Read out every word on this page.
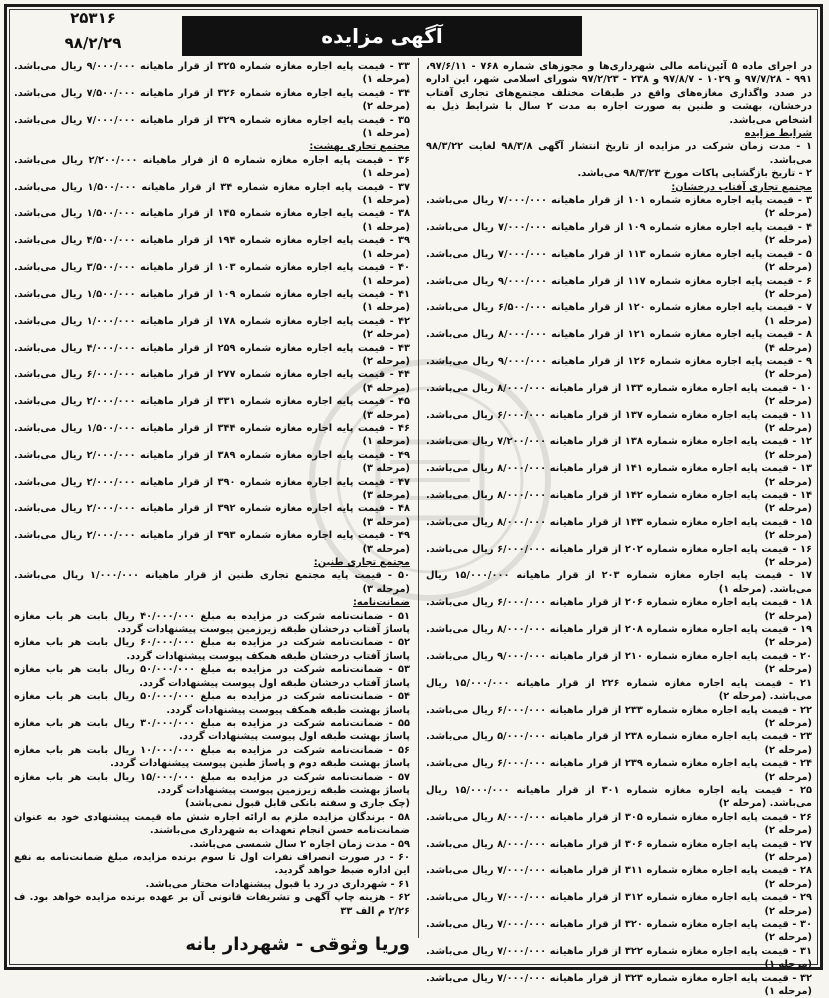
۲۵۳۱۶
۹۸/۲/۲۹	آگهی مزایده

در اجرای ماده ۵ آئین‌نامه مالی شهرداری‌ها و مجوزهای شماره ۷۶۸ - ۹۷/۶/۱۱، ۹۹۱ - ۹۷/۷/۲۸ و ۱۰۲۹ - ۹۷/۸/۷ و ۲۳۸ - ۹۷/۲/۲۳ شورای اسلامی شهر، این اداره در صدد واگذاری مغازه‌های واقع در طبقات مختلف مجتمع‌های تجاری آفتاب درخشان، بهشت و طنین به صورت اجاره به مدت ۲ سال با شرایط ذیل به اشخاص می‌باشد.

شرایط مزایده

۱ - مدت زمان شرکت در مزایده از تاریخ انتشار آگهی ۹۸/۳/۸ لغایت ۹۸/۳/۲۲ می‌باشد.

۲ - تاریخ بازگشایی پاکات مورخ ۹۸/۳/۲۳ می‌باشد.

مجتمع تجاری آفتاب درخشان:

۳ - قیمت پایه اجاره مغازه شماره ۱۰۱ از قرار ماهیانه ۷/۰۰۰/۰۰۰ ریال می‌باشد. (مرحله ۲)

۴ - قیمت پایه اجاره مغازه شماره ۱۰۹ از قرار ماهیانه ۷/۰۰۰/۰۰۰ ریال می‌باشد. (مرحله ۲)

۵ - قیمت پایه اجاره مغازه شماره ۱۱۳ از قرار ماهیانه ۷/۰۰۰/۰۰۰ ریال می‌باشد. (مرحله ۲)

۶ - قیمت پایه اجاره مغازه شماره ۱۱۷ از قرار ماهیانه ۹/۰۰۰/۰۰۰ ریال می‌باشد. (مرحله ۲)

۷ - قیمت پایه اجاره مغازه شماره ۱۲۰ از قرار ماهیانه ۶/۵۰۰/۰۰۰ ریال می‌باشد. (مرحله ۱)

۸ - قیمت پایه اجاره مغازه شماره ۱۲۱ از قرار ماهیانه ۸/۰۰۰/۰۰۰ ریال می‌باشد. (مرحله ۴)

۹ - قیمت پایه اجاره مغازه شماره ۱۲۶ از قرار ماهیانه ۹/۰۰۰/۰۰۰ ریال می‌باشد. (مرحله ۲)

۱۰ - قیمت پایه اجاره مغازه شماره ۱۳۳ از قرار ماهیانه ۸/۰۰۰/۰۰۰ ریال می‌باشد. (مرحله ۲)

۱۱ - قیمت پایه اجاره مغازه شماره ۱۳۷ از قرار ماهیانه ۶/۰۰۰/۰۰۰ ریال می‌باشد. (مرحله ۲)

۱۲ - قیمت پایه اجاره مغازه شماره ۱۳۸ از قرار ماهیانه ۷/۲۰۰/۰۰۰ ریال می‌باشد. (مرحله ۲)

۱۳ - قیمت پایه اجاره مغازه شماره ۱۴۱ از قرار ماهیانه ۸/۰۰۰/۰۰۰ ریال می‌باشد. (مرحله ۲)

۱۴ - قیمت پایه اجاره مغازه شماره ۱۴۲ از قرار ماهیانه ۸/۰۰۰/۰۰۰ ریال می‌باشد. (مرحله ۲)

۱۵ - قیمت پایه اجاره مغازه شماره ۱۴۳ از قرار ماهیانه ۸/۰۰۰/۰۰۰ ریال می‌باشد. (مرحله ۲)

۱۶ - قیمت پایه اجاره مغازه شماره ۲۰۲ از قرار ماهیانه ۶/۰۰۰/۰۰۰ ریال می‌باشد. (مرحله ۲)

۱۷ - قیمت پایه اجاره مغازه شماره ۲۰۳ از قرار ماهیانه ۱۵/۰۰۰/۰۰۰ ریال می‌باشد. (مرحله ۱)

۱۸ - قیمت پایه اجاره مغازه شماره ۲۰۶ از قرار ماهیانه ۶/۰۰۰/۰۰۰ ریال می‌باشد. (مرحله ۲)

۱۹ - قیمت پایه اجاره مغازه شماره ۲۰۸ از قرار ماهیانه ۸/۰۰۰/۰۰۰ ریال می‌باشد. (مرحله ۲)

۲۰ - قیمت پایه اجاره مغازه شماره ۲۱۰ از قرار ماهیانه ۹/۰۰۰/۰۰۰ ریال می‌باشد. (مرحله ۲)

۲۱ - قیمت پایه اجاره مغازه شماره ۲۲۶ از قرار ماهیانه ۱۵/۰۰۰/۰۰۰ ریال می‌باشد. (مرحله ۲)

۲۲ - قیمت پایه اجاره مغازه شماره ۲۳۳ از قرار ماهیانه ۶/۰۰۰/۰۰۰ ریال می‌باشد. (مرحله ۲)

۲۳ - قیمت پایه اجاره مغازه شماره ۲۳۸ از قرار ماهیانه ۵/۰۰۰/۰۰۰ ریال می‌باشد. (مرحله ۲)

۲۴ - قیمت پایه اجاره مغازه شماره ۲۳۹ از قرار ماهیانه ۶/۰۰۰/۰۰۰ ریال می‌باشد. (مرحله ۲)

۲۵ - قیمت پایه اجاره مغازه شماره ۳۰۱ از قرار ماهیانه ۱۵/۰۰۰/۰۰۰ ریال می‌باشد. (مرحله ۲)

۲۶ - قیمت پایه اجاره مغازه شماره ۳۰۵ از قرار ماهیانه ۸/۰۰۰/۰۰۰ ریال می‌باشد. (مرحله ۲)

۲۷ - قیمت پایه اجاره مغازه شماره ۳۰۶ از قرار ماهیانه ۸/۰۰۰/۰۰۰ ریال می‌باشد. (مرحله ۲)

۲۸ - قیمت پایه اجاره مغازه شماره ۳۱۱ از قرار ماهیانه ۷/۰۰۰/۰۰۰ ریال می‌باشد. (مرحله ۲)

۲۹ - قیمت پایه اجاره مغازه شماره ۳۱۲ از قرار ماهیانه ۷/۰۰۰/۰۰۰ ریال می‌باشد. (مرحله ۲)

۳۰ - قیمت پایه اجاره مغازه شماره ۳۲۰ از قرار ماهیانه ۷/۰۰۰/۰۰۰ ریال می‌باشد. (مرحله ۲)

۳۱ - قیمت پایه اجاره مغازه شماره ۳۲۲ از قرار ماهیانه ۷/۰۰۰/۰۰۰ ریال می‌باشد. (مرحله ۱)

۳۲ - قیمت پایه اجاره مغازه شماره ۳۲۳ از قرار ماهیانه ۷/۰۰۰/۰۰۰ ریال می‌باشد. (مرحله ۱)

۳۳ - قیمت پایه اجاره مغازه شماره ۳۲۵ از قرار ماهیانه ۹/۰۰۰/۰۰۰ ریال می‌باشد. (مرحله ۱)

۳۴ - قیمت پایه اجاره مغازه شماره ۳۲۶ از قرار ماهیانه ۷/۵۰۰/۰۰۰ ریال می‌باشد. (مرحله ۲)

۳۵ - قیمت پایه اجاره مغازه شماره ۳۲۹ از قرار ماهیانه ۷/۰۰۰/۰۰۰ ریال می‌باشد. (مرحله ۱)

مجتمع تجاری بهشت:

۳۶ - قیمت پایه اجاره مغازه شماره ۵ از قرار ماهیانه ۲/۲۰۰/۰۰۰ ریال می‌باشد. (مرحله ۱)

۳۷ - قیمت پایه اجاره مغازه شماره ۳۴ از قرار ماهیانه ۱/۵۰۰/۰۰۰ ریال می‌باشد. (مرحله ۱)

۳۸ - قیمت پایه اجاره مغازه شماره ۱۴۵ از قرار ماهیانه ۱/۵۰۰/۰۰۰ ریال می‌باشد. (مرحله ۱)

۳۹ - قیمت پایه اجاره مغازه شماره ۱۹۴ از قرار ماهیانه ۴/۵۰۰/۰۰۰ ریال می‌باشد. (مرحله ۱)

۴۰ - قیمت پایه اجاره مغازه شماره ۱۰۳ از قرار ماهیانه ۳/۵۰۰/۰۰۰ ریال می‌باشد. (مرحله ۱)

۴۱ - قیمت پایه اجاره مغازه شماره ۱۰۹ از قرار ماهیانه ۱/۵۰۰/۰۰۰ ریال می‌باشد. (مرحله ۱)

۴۲ - قیمت پایه اجاره مغازه شماره ۱۷۸ از قرار ماهیانه ۱/۰۰۰/۰۰۰ ریال می‌باشد. (مرحله ۲)

۴۳ - قیمت پایه اجاره مغازه شماره ۲۵۹ از قرار ماهیانه ۴/۰۰۰/۰۰۰ ریال می‌باشد. (مرحله ۲)

۴۴ - قیمت پایه اجاره مغازه شماره ۲۷۷ از قرار ماهیانه ۶/۰۰۰/۰۰۰ ریال می‌باشد. (مرحله ۴)

۴۵ - قیمت پایه اجاره مغازه شماره ۳۳۱ از قرار ماهیانه ۲/۰۰۰/۰۰۰ ریال می‌باشد. (مرحله ۳)

۴۶ - قیمت پایه اجاره مغازه شماره ۳۴۴ از قرار ماهیانه ۱/۵۰۰/۰۰۰ ریال می‌باشد. (مرحله ۱)

۴۹ - قیمت پایه اجاره مغازه شماره ۳۸۹ از قرار ماهیانه ۲/۰۰۰/۰۰۰ ریال می‌باشد. (مرحله ۳)

۴۷ - قیمت پایه اجاره مغازه شماره ۳۹۰ از قرار ماهیانه ۲/۰۰۰/۰۰۰ ریال می‌باشد. (مرحله ۳)

۴۸ - قیمت پایه اجاره مغازه شماره ۳۹۲ از قرار ماهیانه ۲/۰۰۰/۰۰۰ ریال می‌باشد. (مرحله ۳)

۴۹ - قیمت پایه اجاره مغازه شماره ۳۹۳ از قرار ماهیانه ۲/۰۰۰/۰۰۰ ریال می‌باشد. (مرحله ۳)

مجتمع تجاری طنین:

۵۰ - قیمت پایه مجتمع تجاری طنین از قرار ماهیانه ۱/۰۰۰/۰۰۰ ریال می‌باشد. (مرحله ۳)

ضمانت‌نامه:

۵۱ - ضمانت‌نامه شرکت در مزایده به مبلغ ۴۰/۰۰۰/۰۰۰ ریال بابت هر باب مغازه پاساژ آفتاب درخشان طبقه زیرزمین پیوست پیشنهادات گردد.

۵۲ - ضمانت‌نامه شرکت در مزایده به مبلغ ۶۰/۰۰۰/۰۰۰ ریال بابت هر باب مغازه پاساژ آفتاب درخشان طبقه همکف پیوست پیشنهادات گردد.

۵۳ - ضمانت‌نامه شرکت در مزایده به مبلغ ۵۰/۰۰۰/۰۰۰ ریال بابت هر باب مغازه پاساژ آفتاب درخشان طبقه اول پیوست پیشنهادات گردد.

۵۴ - ضمانت‌نامه شرکت در مزایده به مبلغ ۵۰/۰۰۰/۰۰۰ ریال بابت هر باب مغازه پاساژ بهشت طبقه همکف پیوست پیشنهادات گردد.

۵۵ - ضمانت‌نامه شرکت در مزایده به مبلغ ۳۰/۰۰۰/۰۰۰ ریال بابت هر باب مغازه پاساژ بهشت طبقه اول پیوست پیشنهادات گردد.

۵۶ - ضمانت‌نامه شرکت در مزایده به مبلغ ۱۰/۰۰۰/۰۰۰ ریال بابت هر باب مغازه پاساژ بهشت طبقه دوم و پاساژ طنین پیوست پیشنهادات گردد.

۵۷ - ضمانت‌نامه شرکت در مزایده به مبلغ ۱۵/۰۰۰/۰۰۰ ریال بابت هر باب مغازه پاساژ بهشت طبقه زیرزمین پیوست پیشنهادات گردد.

(چک جاری و سفته بانکی قابل قبول نمی‌باشد)

۵۸ - برندگان مزایده ملزم به ارائه اجاره شش ماه قیمت پیشنهادی خود به عنوان ضمانت‌نامه حسن انجام تعهدات به شهرداری می‌باشند.

۵۹ - مدت زمان اجاره ۲ سال شمسی می‌باشد.

۶۰ - در صورت انصراف نفرات اول تا سوم برنده مزایده، مبلغ ضمانت‌نامه به نفع این اداره ضبط خواهد گردید.

۶۱ - شهرداری در رد یا قبول پیشنهادات مختار می‌باشد.

۶۲ - هزینه چاپ آگهی و تشریفات قانونی آن بر عهده برنده مزایده خواهد بود. ف ۲/۲۶ م الف ۳۳

وریا وثوقی - شهردار بانه
